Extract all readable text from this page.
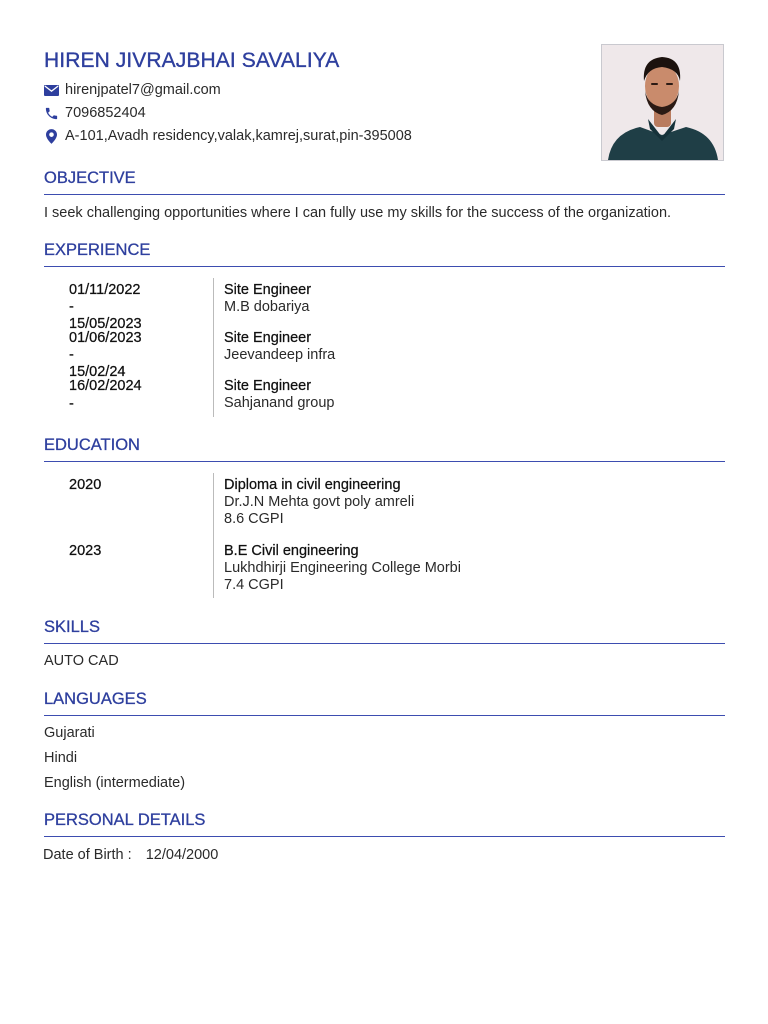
HIREN JIVRAJBHAI SAVALIYA
hirenjpatel7@gmail.com
7096852404
A-101,Avadh residency,valak,kamrej,surat,pin-395008
OBJECTIVE
I seek challenging opportunities where I can fully use my skills for the success of the organization.
EXPERIENCE
01/11/2022
-
15/05/2023
Site Engineer
M.B dobariya
01/06/2023
-
15/02/24
Site Engineer
Jeevandeep infra
16/02/2024
-
Site Engineer
Sahjanand group
EDUCATION
2020	Diploma in civil engineering
Dr.J.N Mehta govt poly amreli
8.6 CGPI
2023	B.E Civil engineering
Lukhdhirji Engineering College Morbi
7.4 CGPI
SKILLS
AUTO CAD
LANGUAGES
Gujarati
Hindi
English (intermediate)
PERSONAL DETAILS
Date of Birth : 12/04/2000
